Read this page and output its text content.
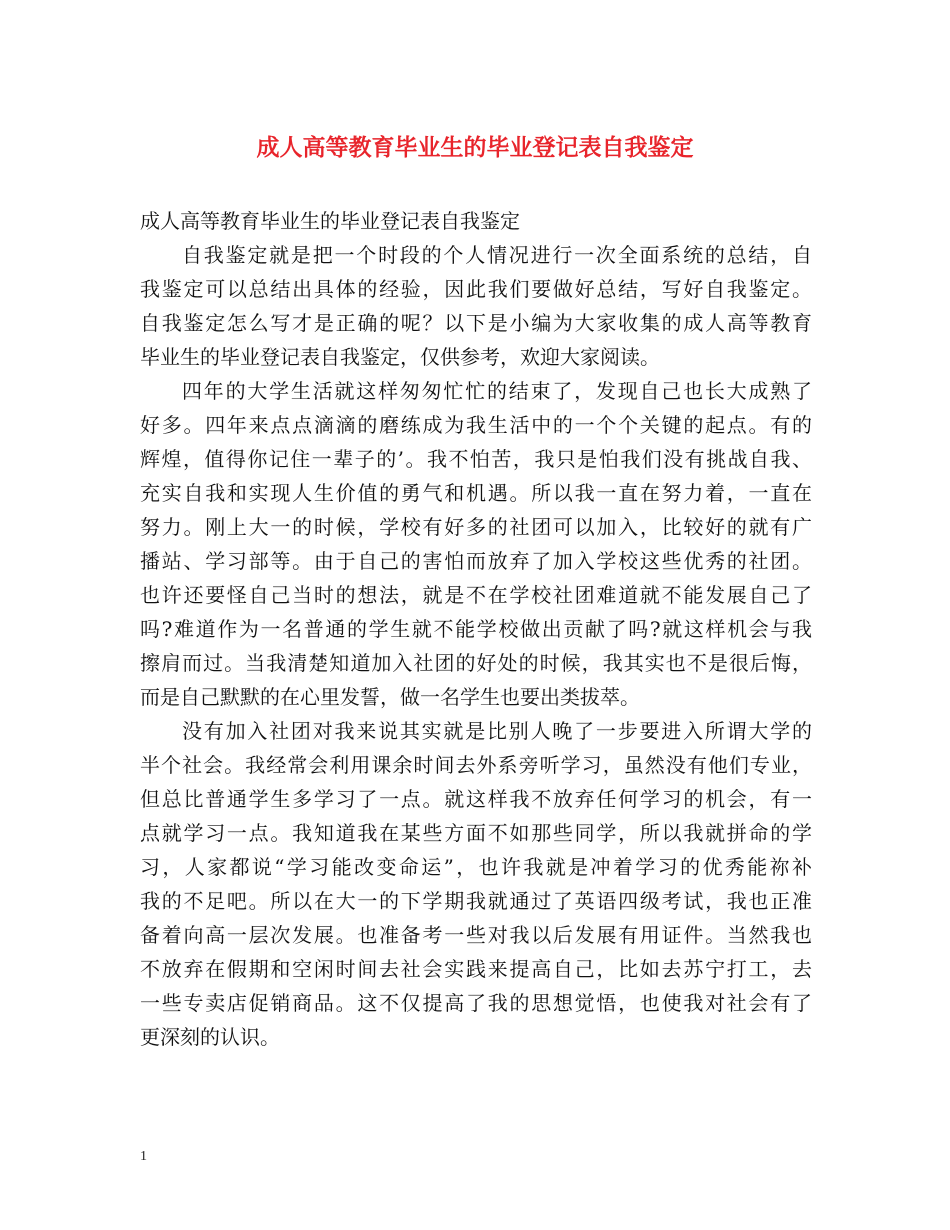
成人高等教育毕业生的毕业登记表自我鉴定

成人高等教育毕业生的毕业登记表自我鉴定

自我鉴定就是把一个时段的个人情况进行一次全面系统的总结，自
我鉴定可以总结出具体的经验，因此我们要做好总结，写好自我鉴定。
自我鉴定怎么写才是正确的呢？以下是小编为大家收集的成人高等教育
毕业生的毕业登记表自我鉴定，仅供参考，欢迎大家阅读。
四年的大学生活就这样匆匆忙忙的结束了，发现自己也长大成熟了
好多。四年来点点滴滴的磨练成为我生活中的一个个关键的起点。有的
辉煌，值得你记住一辈子的’。我不怕苦，我只是怕我们没有挑战自我、
充实自我和实现人生价值的勇气和机遇。所以我一直在努力着，一直在
努力。刚上大一的时候，学校有好多的社团可以加入，比较好的就有广
播站、学习部等。由于自己的害怕而放弃了加入学校这些优秀的社团。
也许还要怪自己当时的想法，就是不在学校社团难道就不能发展自己了
吗?难道作为一名普通的学生就不能学校做出贡献了吗?就这样机会与我
擦肩而过。当我清楚知道加入社团的好处的时候，我其实也不是很后悔，
而是自己默默的在心里发誓，做一名学生也要出类拔萃。
没有加入社团对我来说其实就是比别人晚了一步要进入所谓大学的
半个社会。我经常会利用课余时间去外系旁听学习，虽然没有他们专业，
但总比普通学生多学习了一点。就这样我不放弃任何学习的机会，有一
点就学习一点。我知道我在某些方面不如那些同学，所以我就拼命的学
习，人家都说“学习能改变命运”，也许我就是冲着学习的优秀能祢补
我的不足吧。所以在大一的下学期我就通过了英语四级考试，我也正准
备着向高一层次发展。也准备考一些对我以后发展有用证件。当然我也
不放弃在假期和空闲时间去社会实践来提高自己，比如去苏宁打工，去
一些专卖店促销商品。这不仅提高了我的思想觉悟，也使我对社会有了
更深刻的认识。
1
